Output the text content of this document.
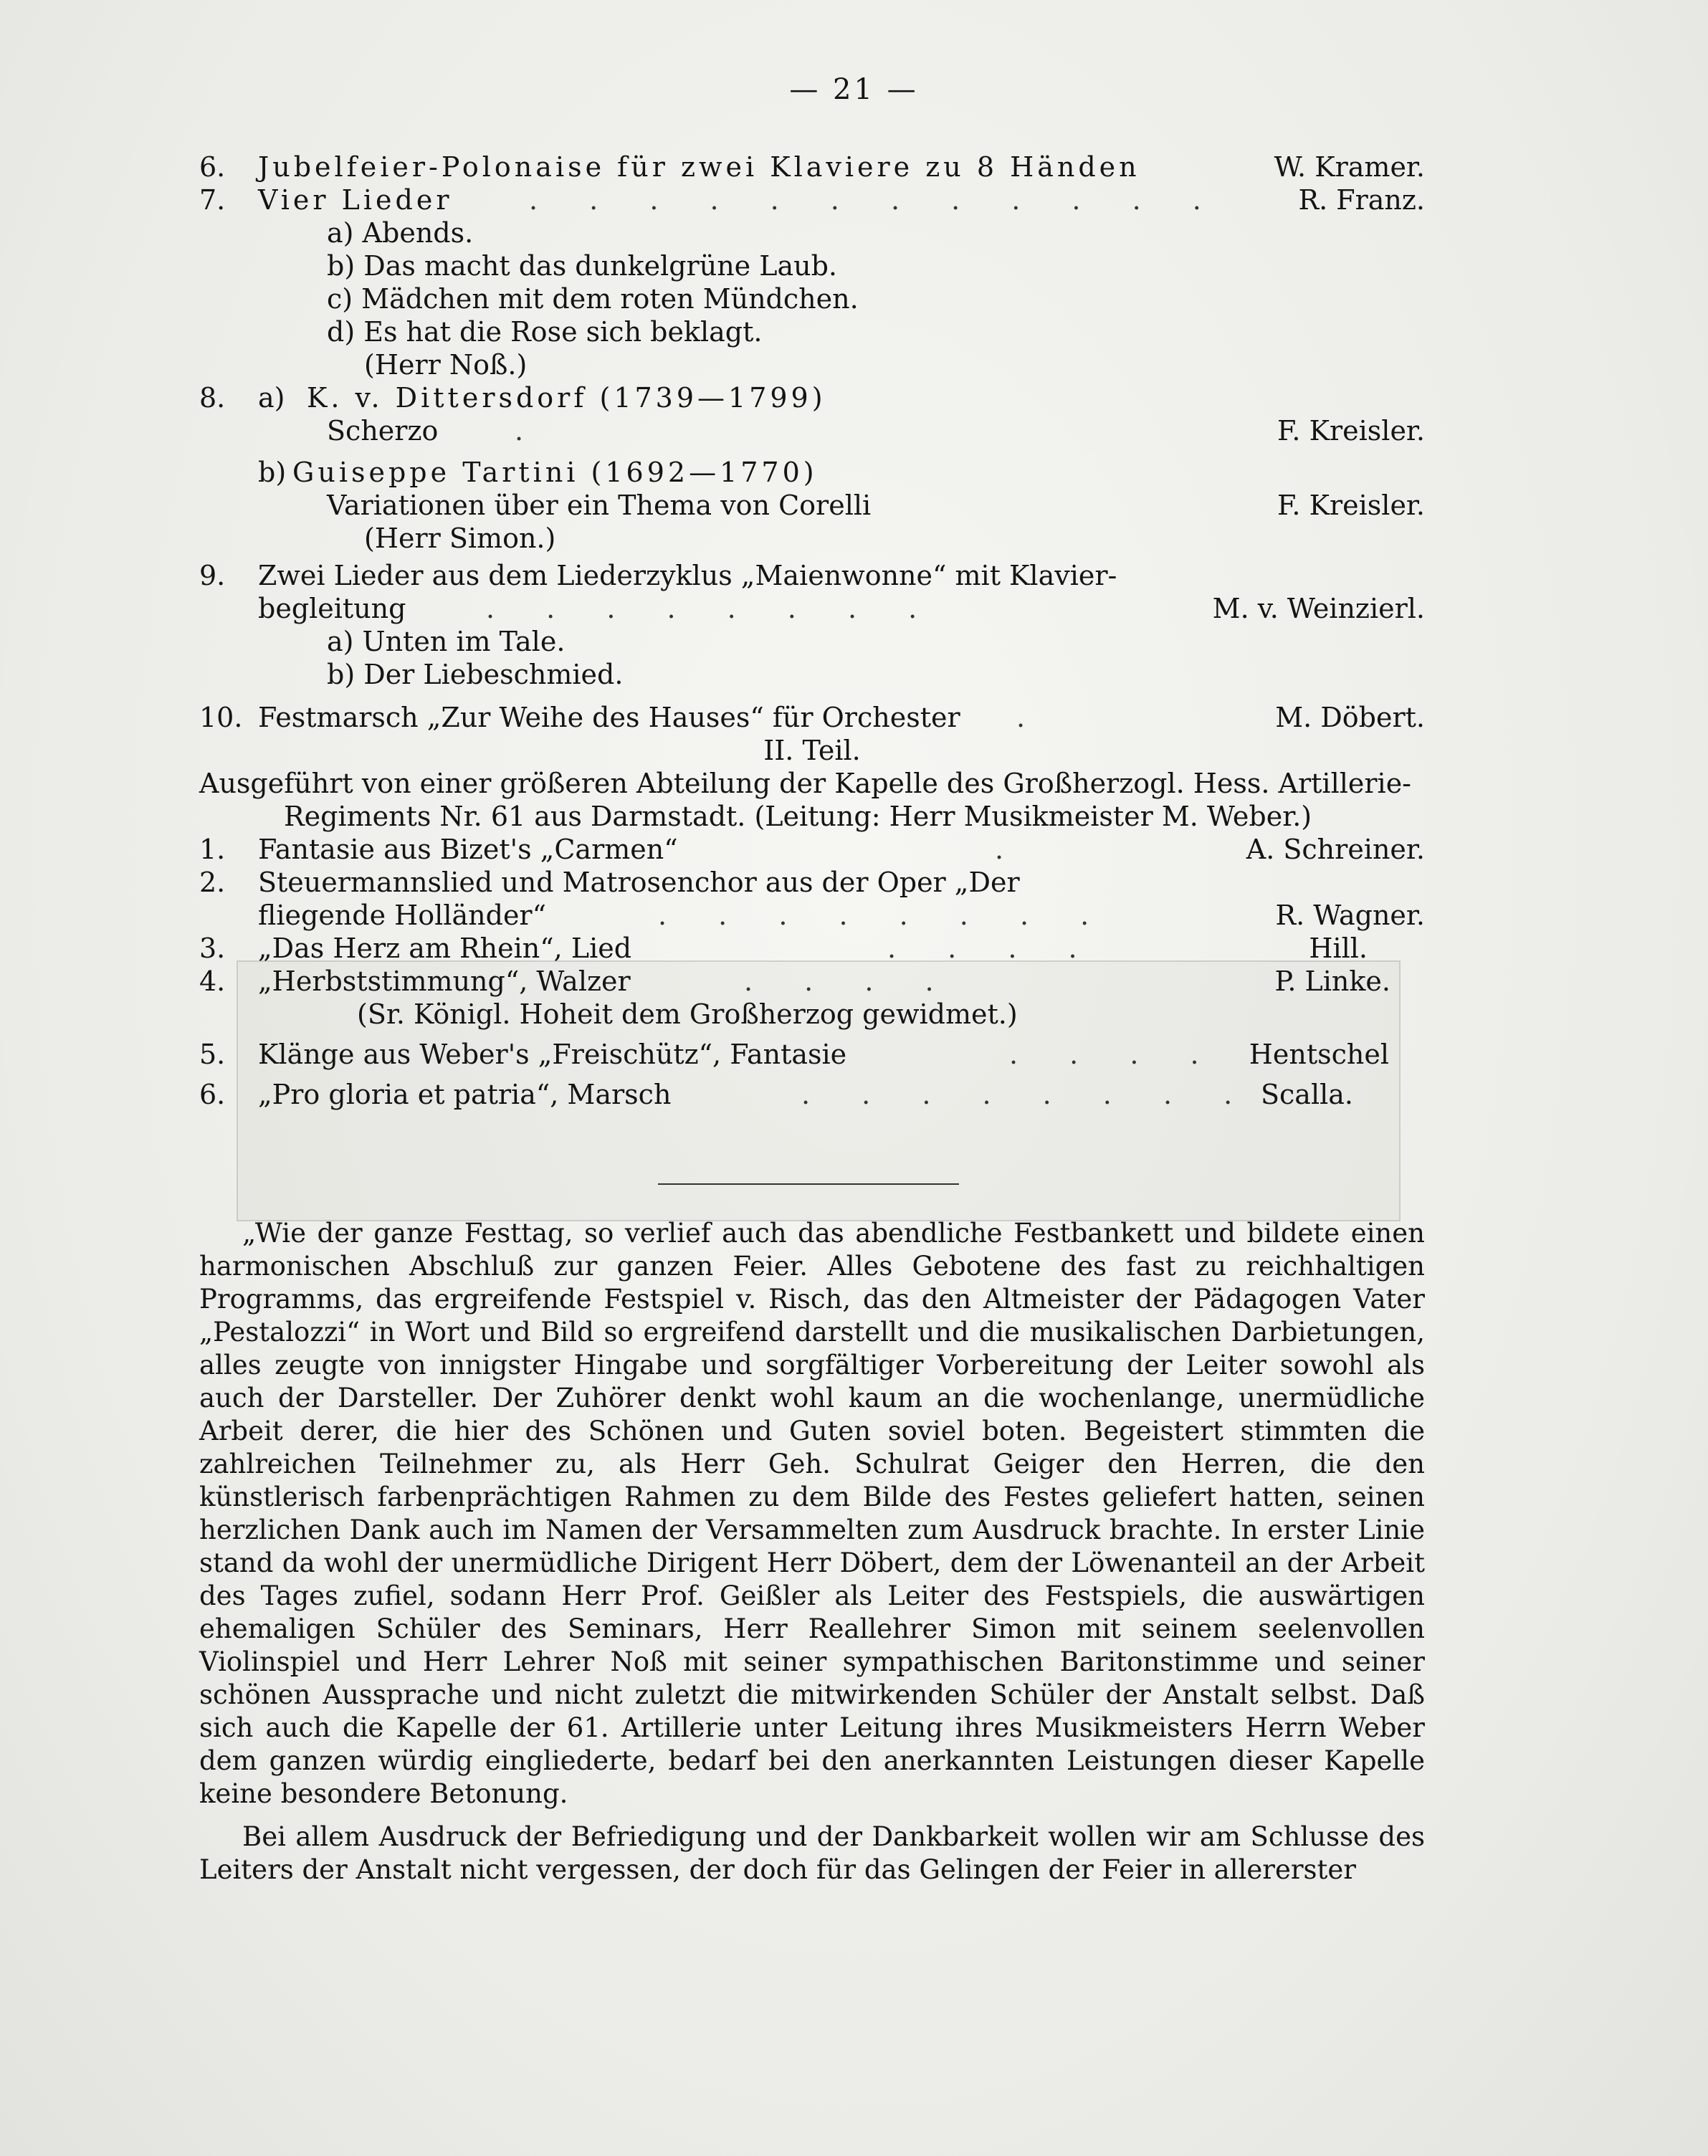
— 21 —
6. Jubelfeier-Polonaise für zwei Klaviere zu 8 Händen	W. Kramer.
7. Vier Lieder	. . . . . . . . . . . .	R. Franz.
a) Abends.
b) Das macht das dunkelgrüne Laub.
c) Mädchen mit dem roten Mündchen.
d) Es hat die Rose sich beklagt.
(Herr Noß.)
8. a) K. v. Dittersdorf (1739—1799)
Scherzo	.	F. Kreisler.
b) Guiseppe Tartini (1692—1770)
Variationen über ein Thema von Corelli	F. Kreisler.
(Herr Simon.)
9. Zwei Lieder aus dem Liederzyklus „Maienwonne“ mit Klavier-
begleitung	. . . . . . . .	M. v. Weinzierl.
a) Unten im Tale.
b) Der Liebeschmied.
10. Festmarsch „Zur Weihe des Hauses“ für Orchester .	M. Döbert.
II. Teil.
Ausgeführt von einer größeren Abteilung der Kapelle des Großherzogl. Hess. Artillerie-
Regiments Nr. 61 aus Darmstadt. (Leitung: Herr Musikmeister M. Weber.)
1. Fantasie aus Bizet's „Carmen“	.	A. Schreiner.
2. Steuermannslied und Matrosenchor aus der Oper „Der
fliegende Holländer“	. . . . . . . .	R. Wagner.
3. „Das Herz am Rhein“, Lied	. . . .	Hill.
4. „Herbststimmung“, Walzer	. . . .	P. Linke.
(Sr. Königl. Hoheit dem Großherzog gewidmet.)
5. Klänge aus Weber's „Freischütz“, Fantasie	. . . . Hentschel
6. „Pro gloria et patria“, Marsch	. . . . . . . . Scalla.

„Wie der ganze Festtag, so verlief auch das abendliche Festbankett und bildete einen harmonischen Abschluß zur ganzen Feier. Alles Gebotene des fast zu reichhaltigen Programms, das ergreifende Festspiel v. Risch, das den Altmeister der Pädagogen Vater „Pestalozzi“ in Wort und Bild so ergreifend darstellt und die musikalischen Darbietungen, alles zeugte von innigster Hingabe und sorgfältiger Vorbereitung der Leiter sowohl als auch der Darsteller. Der Zuhörer denkt wohl kaum an die wochenlange, unermüdliche Arbeit derer, die hier des Schönen und Guten soviel boten. Begeistert stimmten die zahlreichen Teilnehmer zu, als Herr Geh. Schulrat Geiger den Herren, die den künstlerisch farbenprächtigen Rahmen zu dem Bilde des Festes geliefert hatten, seinen herzlichen Dank auch im Namen der Versammelten zum Ausdruck brachte. In erster Linie stand da wohl der unermüdliche Dirigent Herr Döbert, dem der Löwenanteil an der Arbeit des Tages zufiel, sodann Herr Prof. Geißler als Leiter des Festspiels, die auswärtigen ehemaligen Schüler des Seminars, Herr Reallehrer Simon mit seinem seelenvollen Violinspiel und Herr Lehrer Noß mit seiner sympathischen Baritonstimme und seiner schönen Aussprache und nicht zuletzt die mitwirkenden Schüler der Anstalt selbst. Daß sich auch die Kapelle der 61. Artillerie unter Leitung ihres Musikmeisters Herrn Weber dem ganzen würdig eingliederte, bedarf bei den anerkannten Leistungen dieser Kapelle keine besondere Betonung.

Bei allem Ausdruck der Befriedigung und der Dankbarkeit wollen wir am Schlusse des Leiters der Anstalt nicht vergessen, der doch für das Gelingen der Feier in allererster
